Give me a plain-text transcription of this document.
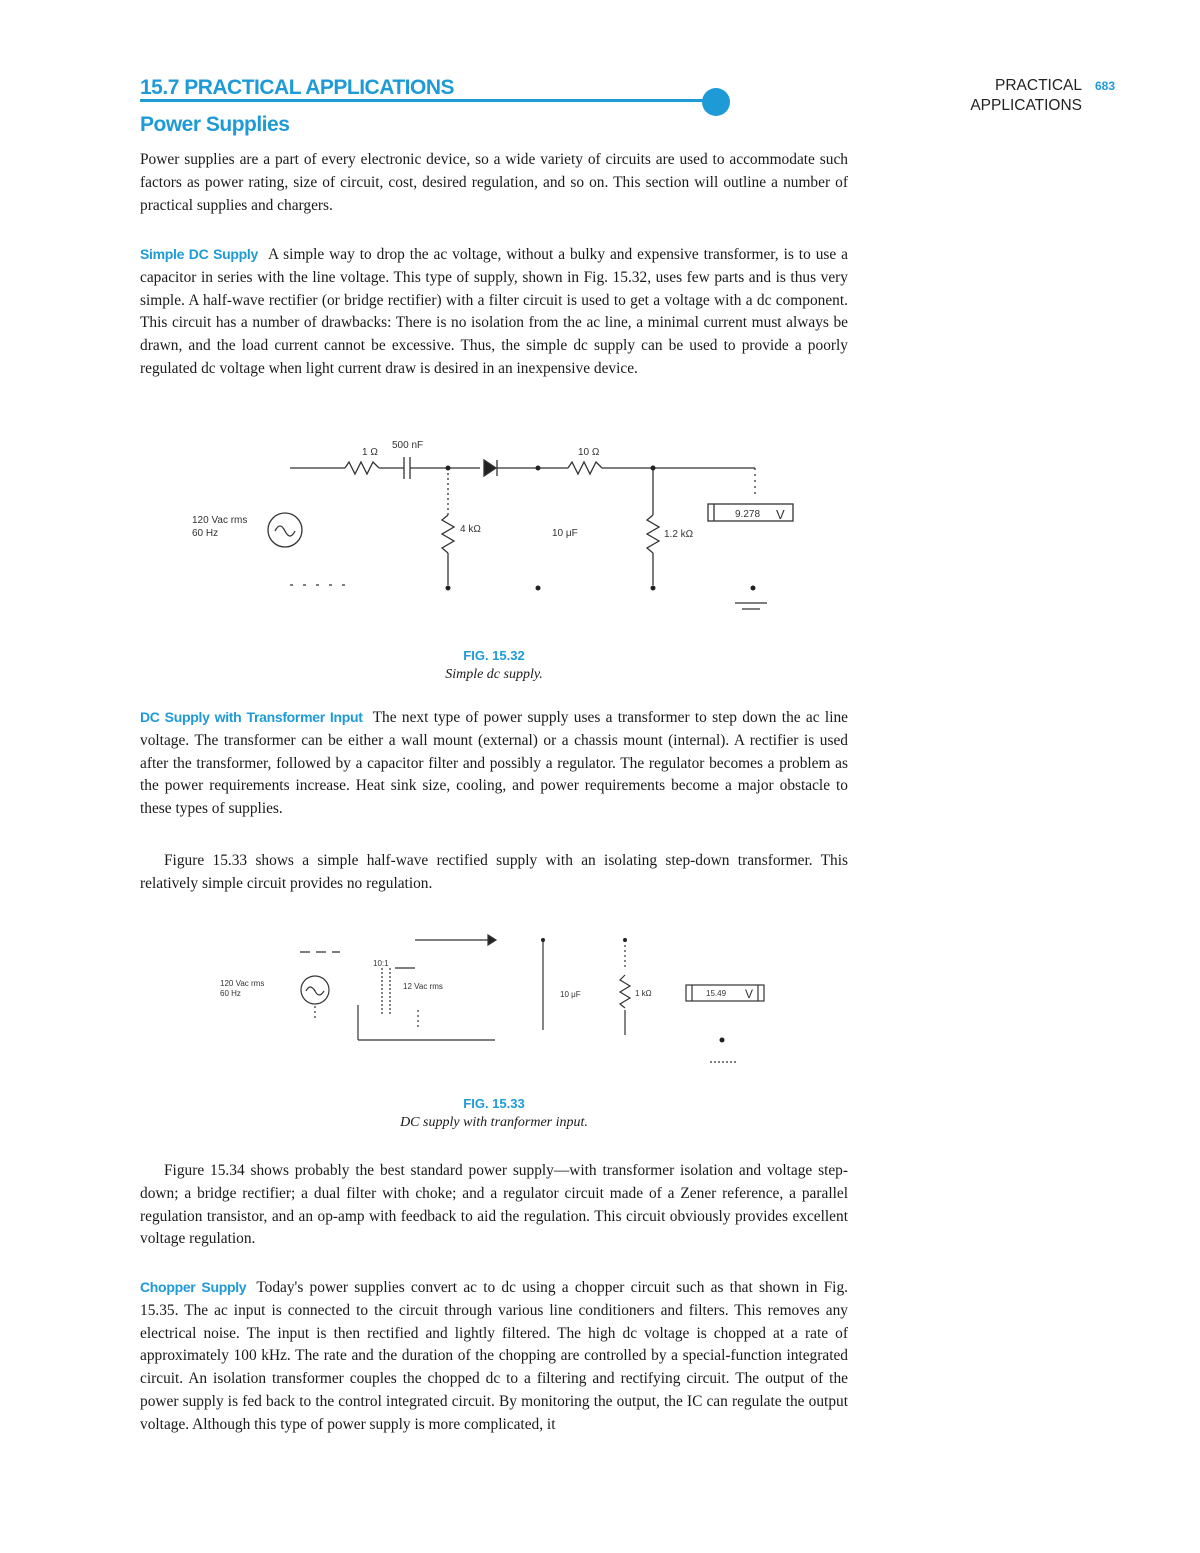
15.7 PRACTICAL APPLICATIONS
Power Supplies
PRACTICAL APPLICATIONS
683
Power supplies are a part of every electronic device, so a wide variety of circuits are used to accommodate such factors as power rating, size of circuit, cost, desired regulation, and so on. This section will outline a number of practical supplies and chargers.
Simple DC Supply A simple way to drop the ac voltage, without a bulky and expensive transformer, is to use a capacitor in series with the line voltage. This type of supply, shown in Fig. 15.32, uses few parts and is thus very simple. A half-wave rectifier (or bridge rectifier) with a filter circuit is used to get a voltage with a dc component. This circuit has a number of drawbacks: There is no isolation from the ac line, a minimal current must always be drawn, and the load current cannot be excessive. Thus, the simple dc supply can be used to provide a poorly regulated dc voltage when light current draw is desired in an inexpensive device.
1 Ω
500 nF
10 Ω
120 Vac rms
60 Hz	4 kΩ	10 μF	1.2 kΩ
9.278 V
FIG. 15.32
Simple dc supply.
DC Supply with Transformer Input The next type of power supply uses a transformer to step down the ac line voltage. The transformer can be either a wall mount (external) or a chassis mount (internal). A rectifier is used after the transformer, followed by a capacitor filter and possibly a regulator. The regulator becomes a problem as the power requirements increase. Heat sink size, cooling, and power requirements become a major obstacle to these types of supplies.
Figure 15.33 shows a simple half-wave rectified supply with an isolating step-down transformer. This relatively simple circuit provides no regulation.
10:1
120 Vac rms
60 Hz
12 Vac rms
10 μF	1 kΩ	15.49 V
FIG. 15.33
DC supply with tranformer input.
Figure 15.34 shows probably the best standard power supply—with transformer isolation and voltage step-down; a bridge rectifier; a dual filter with choke; and a regulator circuit made of a Zener reference, a parallel regulation transistor, and an op-amp with feedback to aid the regulation. This circuit obviously provides excellent voltage regulation.
Chopper Supply Today's power supplies convert ac to dc using a chopper circuit such as that shown in Fig. 15.35. The ac input is connected to the circuit through various line conditioners and filters. This removes any electrical noise. The input is then rectified and lightly filtered. The high dc voltage is chopped at a rate of approximately 100 kHz. The rate and the duration of the chopping are controlled by a special-function integrated circuit. An isolation transformer couples the chopped dc to a filtering and rectifying circuit. The output of the power supply is fed back to the control integrated circuit. By monitoring the output, the IC can regulate the output voltage. Although this type of power supply is more complicated, it
